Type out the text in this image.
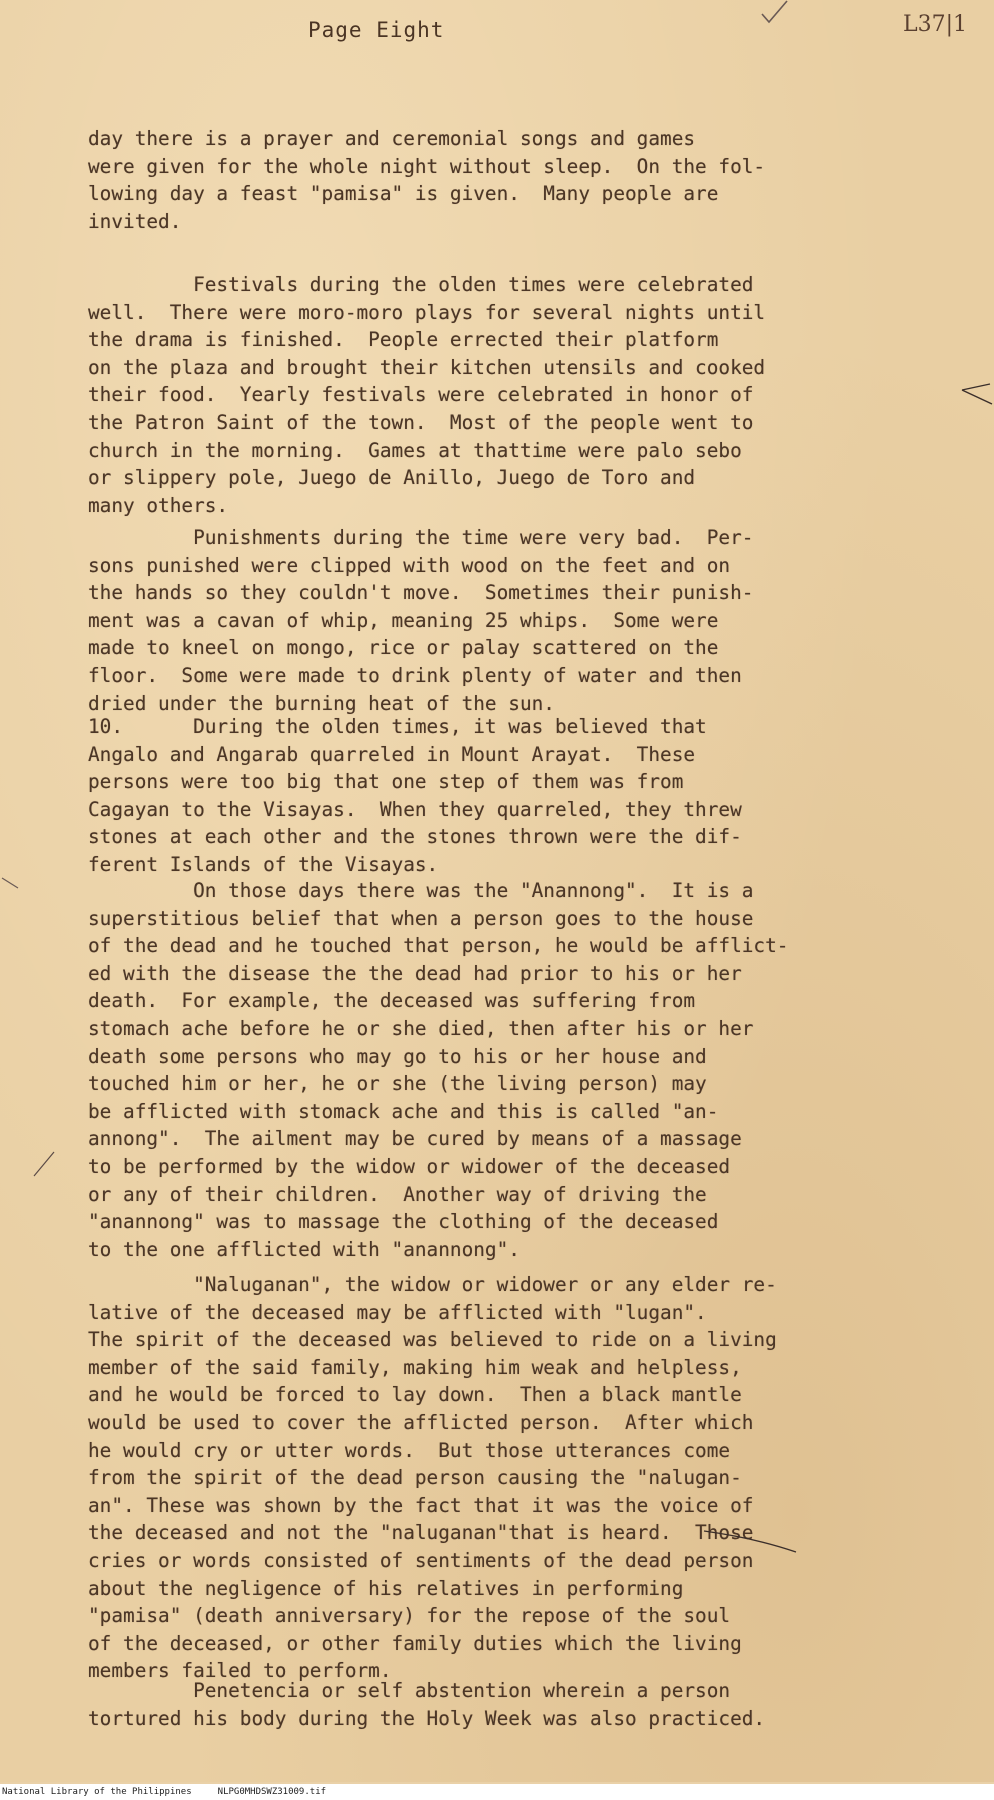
Page Eight	L37|1

day there is a prayer and ceremonial songs and games
were given for the whole night without sleep.  On the fol-
lowing day a feast "pamisa" is given.  Many people are
invited.

Festivals during the olden times were celebrated
well.  There were moro-moro plays for several nights until
the drama is finished.  People errected their platform
on the plaza and brought their kitchen utensils and cooked
their food.  Yearly festivals were celebrated in honor of
the Patron Saint of the town.  Most of the people went to
church in the morning.  Games at thattime were palo sebo
or slippery pole, Juego de Anillo, Juego de Toro and
many others.

Punishments during the time were very bad.  Per-
sons punished were clipped with wood on the feet and on
the hands so they couldn't move.  Sometimes their punish-
ment was a cavan of whip, meaning 25 whips.  Some were
made to kneel on mongo, rice or palay scattered on the
floor.  Some were made to drink plenty of water and then
dried under the burning heat of the sun.

10.      During the olden times, it was believed that
Angalo and Angarab quarreled in Mount Arayat.  These
persons were too big that one step of them was from
Cagayan to the Visayas.  When they quarreled, they threw
stones at each other and the stones thrown were the dif-
ferent Islands of the Visayas.

On those days there was the "Anannong".  It is a
superstitious belief that when a person goes to the house
of the dead and he touched that person, he would be afflict-
ed with the disease the the dead had prior to his or her
death.  For example, the deceased was suffering from
stomach ache before he or she died, then after his or her
death some persons who may go to his or her house and
touched him or her, he or she (the living person) may
be afflicted with stomack ache and this is called "an-
annong".  The ailment may be cured by means of a massage
to be performed by the widow or widower of the deceased
or any of their children.  Another way of driving the
"anannong" was to massage the clothing of the deceased
to the one afflicted with "anannong".

"Naluganan", the widow or widower or any elder re-
lative of the deceased may be afflicted with "lugan".
The spirit of the deceased was believed to ride on a living
member of the said family, making him weak and helpless,
and he would be forced to lay down.  Then a black mantle
would be used to cover the afflicted person.  After which
he would cry or utter words.  But those utterances come
from the spirit of the dead person causing the "nalugan-
an". These was shown by the fact that it was the voice of
the deceased and not the "naluganan"that is heard.  Those
cries or words consisted of sentiments of the dead person
about the negligence of his relatives in performing
"pamisa" (death anniversary) for the repose of the soul
of the deceased, or other family duties which the living
members failed to perform.

Penetencia or self abstention wherein a person
tortured his body during the Holy Week was also practiced.

National Library of the Philippines	NLPG0MHDSWZ31009.tif
